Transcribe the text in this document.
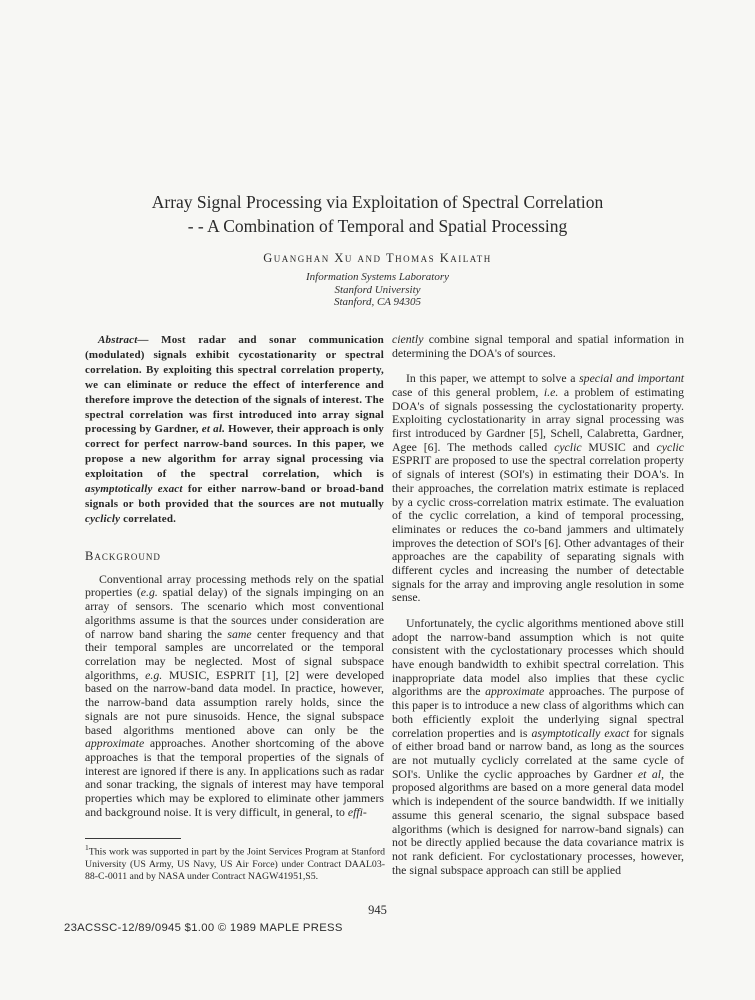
Array Signal Processing via Exploitation of Spectral Correlation
- - A Combination of Temporal and Spatial Processing
Guanghan Xu and Thomas Kailath
Information Systems Laboratory
Stanford University
Stanford, CA 94305

Abstract— Most radar and sonar communication (modulated) signals exhibit cycostationarity or spectral correlation. By exploiting this spectral correlation property, we can eliminate or reduce the effect of interference and therefore improve the detection of the signals of interest. The spectral correlation was first introduced into array signal processing by Gardner, et al. However, their approach is only correct for perfect narrow-band sources. In this paper, we propose a new algorithm for array signal processing via exploitation of the spectral correlation, which is asymptotically exact for either narrow-band or broad-band signals or both provided that the sources are not mutually cyclicly correlated.

Background

Conventional array processing methods rely on the spatial properties (e.g. spatial delay) of the signals impinging on an array of sensors. The scenario which most conventional algorithms assume is that the sources under consideration are of narrow band sharing the same center frequency and that their temporal samples are uncorrelated or the temporal correlation may be neglected. Most of signal subspace algorithms, e.g. MUSIC, ESPRIT [1], [2] were developed based on the narrow-band data model. In practice, however, the narrow-band data assumption rarely holds, since the signals are not pure sinusoids. Hence, the signal subspace based algorithms mentioned above can only be the approximate approaches. Another shortcoming of the above approaches is that the temporal properties of the signals of interest are ignored if there is any. In applications such as radar and sonar tracking, the signals of interest may have temporal properties which may be explored to eliminate other jammers and background noise. It is very difficult, in general, to effi-

ciently combine signal temporal and spatial information in determining the DOA's of sources.

In this paper, we attempt to solve a special and important case of this general problem, i.e. a problem of estimating DOA's of signals possessing the cyclostationarity property. Exploiting cyclostationarity in array signal processing was first introduced by Gardner [5], Schell, Calabretta, Gardner, Agee [6]. The methods called cyclic MUSIC and cyclic ESPRIT are proposed to use the spectral correlation property of signals of interest (SOI's) in estimating their DOA's. In their approaches, the correlation matrix estimate is replaced by a cyclic cross-correlation matrix estimate. The evaluation of the cyclic correlation, a kind of temporal processing, eliminates or reduces the co-band jammers and ultimately improves the detection of SOI's [6]. Other advantages of their approaches are the capability of separating signals with different cycles and increasing the number of detectable signals for the array and improving angle resolution in some sense.

Unfortunately, the cyclic algorithms mentioned above still adopt the narrow-band assumption which is not quite consistent with the cyclostationary processes which should have enough bandwidth to exhibit spectral correlation. This inappropriate data model also implies that these cyclic algorithms are the approximate approaches. The purpose of this paper is to introduce a new class of algorithms which can both efficiently exploit the underlying signal spectral correlation properties and is asymptotically exact for signals of either broad band or narrow band, as long as the sources are not mutually cyclicly correlated at the same cycle of SOI's. Unlike the cyclic approaches by Gardner et al, the proposed algorithms are based on a more general data model which is independent of the source bandwidth. If we initially assume this general scenario, the signal subspace based algorithms (which is designed for narrow-band signals) can not be directly applied because the data covariance matrix is not rank deficient. For cyclostationary processes, however, the signal subspace approach can still be applied

$^1$This work was supported in part by the Joint Services Program at Stanford University (US Army, US Navy, US Air Force) under Contract DAAL03-88-C-0011 and by NASA under Contract NAGW41951,S5.

945
23ACSSC-12/89/0945 $1.00 © 1989 MAPLE PRESS
